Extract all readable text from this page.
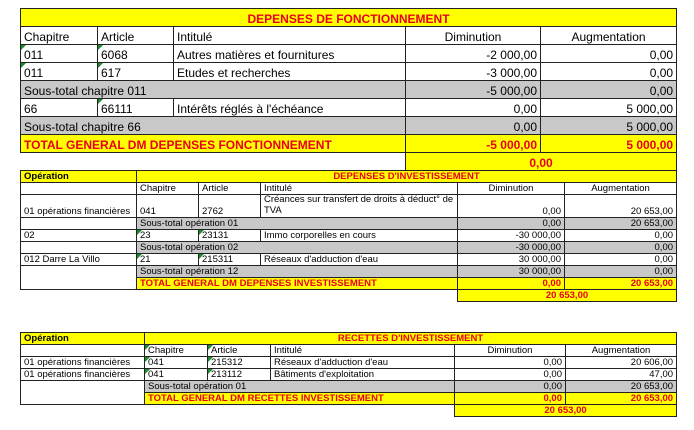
DEPENSES DE FONCTIONNEMENT				
Chapitre	Article	Intitulé	Diminution	Augmentation
011	6068	Autres matières et fournitures	-2 000,00	0,00
011	617	Etudes et recherches	-3 000,00	0,00
Sous-total chapitre 011			-5 000,00	0,00
66	66111	Intérêts réglés à l'échéance	0,00	5 000,00
Sous-total chapitre 66			0,00	5 000,00
TOTAL GENERAL DM DEPENSES FONCTIONNEMENT			-5 000,00	5 000,00
			0,00	
Opération	DEPENSES D'INVESTISSEMENT				
	Chapitre	Article	Intitulé	Diminution	Augmentation
01 opérations financières	041	2762	Créances sur transfert de droits à déduct° de TVA	0,00	20 653,00
	Sous-total opération 01			0,00	20 653,00
02	23	23131	Immo corporelles en cours	-30 000,00	0,00
	Sous-total opération 02			-30 000,00	0,00
012 Darre La Villo	21	215311	Réseaux d'adduction d'eau	30 000,00	0,00
	Sous-total opération 12			30 000,00	0,00
	TOTAL GENERAL DM DEPENSES INVESTISSEMENT			0,00	20 653,00
				20 653,00	
Opération	RECETTES D'INVESTISSEMENT				
	Chapitre	Article	Intitulé	Diminution	Augmentation
01 opérations financières	041	215312	Réseaux d'adduction d'eau	0,00	20 606,00
01 opérations financières	041	213112	Bâtiments d'exploitation	0,00	47,00
	Sous-total opération 01			0,00	20 653,00
	TOTAL GENERAL DM RECETTES INVESTISSEMENT			0,00	20 653,00
				20 653,00	
